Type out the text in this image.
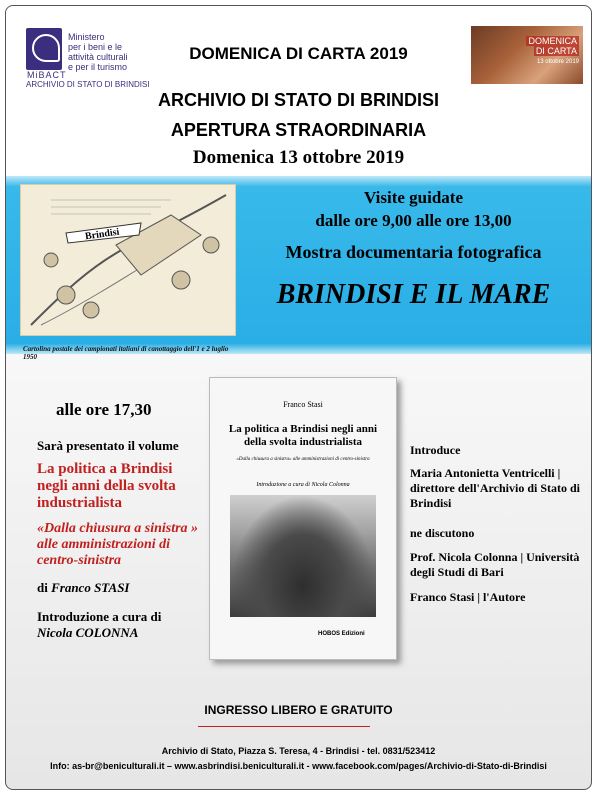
MiBACT
Ministero
per i beni e le
attività culturali
e per il turismo
ARCHIVIO DI STATO DI BRINDISI
DOMENICA
DI CARTA
13 ottobre 2019
DOMENICA DI CARTA 2019
ARCHIVIO DI STATO DI BRINDISI
APERTURA STRAORDINARIA
Domenica 13 ottobre 2019
Brindisi
Cartolina postale dei campionati italiani di canottaggio dell'1 e 2 luglio 1950
Visite guidate
dalle ore 9,00 alle ore 13,00
Mostra documentaria fotografica
BRINDISI E IL MARE
alle ore 17,30
Sarà presentato il volume
La politica a Brindisi
negli anni della svolta
industrialista
«Dalla chiusura a sinistra »
alle amministrazioni di
centro-sinistra
di Franco STASI
Introduzione a cura di
Nicola COLONNA
Franco Stasi
La politica a Brindisi negli anni
della svolta industrialista
«Dalla chiusura a sinistra» alle amministrazioni di centro-sinistra
Introduzione a cura di Nicola Colonna
HOBOS Edizioni
Introduce
Maria Antonietta Ventricelli | direttore dell'Archivio di Stato di Brindisi
ne discutono
Prof. Nicola Colonna | Università degli Studi di Bari
Franco Stasi | l'Autore
INGRESSO LIBERO E GRATUITO
Archivio di Stato, Piazza S. Teresa, 4 - Brindisi - tel. 0831/523412
Info: as-br@beniculturali.it – www.asbrindisi.beniculturali.it - www.facebook.com/pages/Archivio-di-Stato-di-Brindisi
